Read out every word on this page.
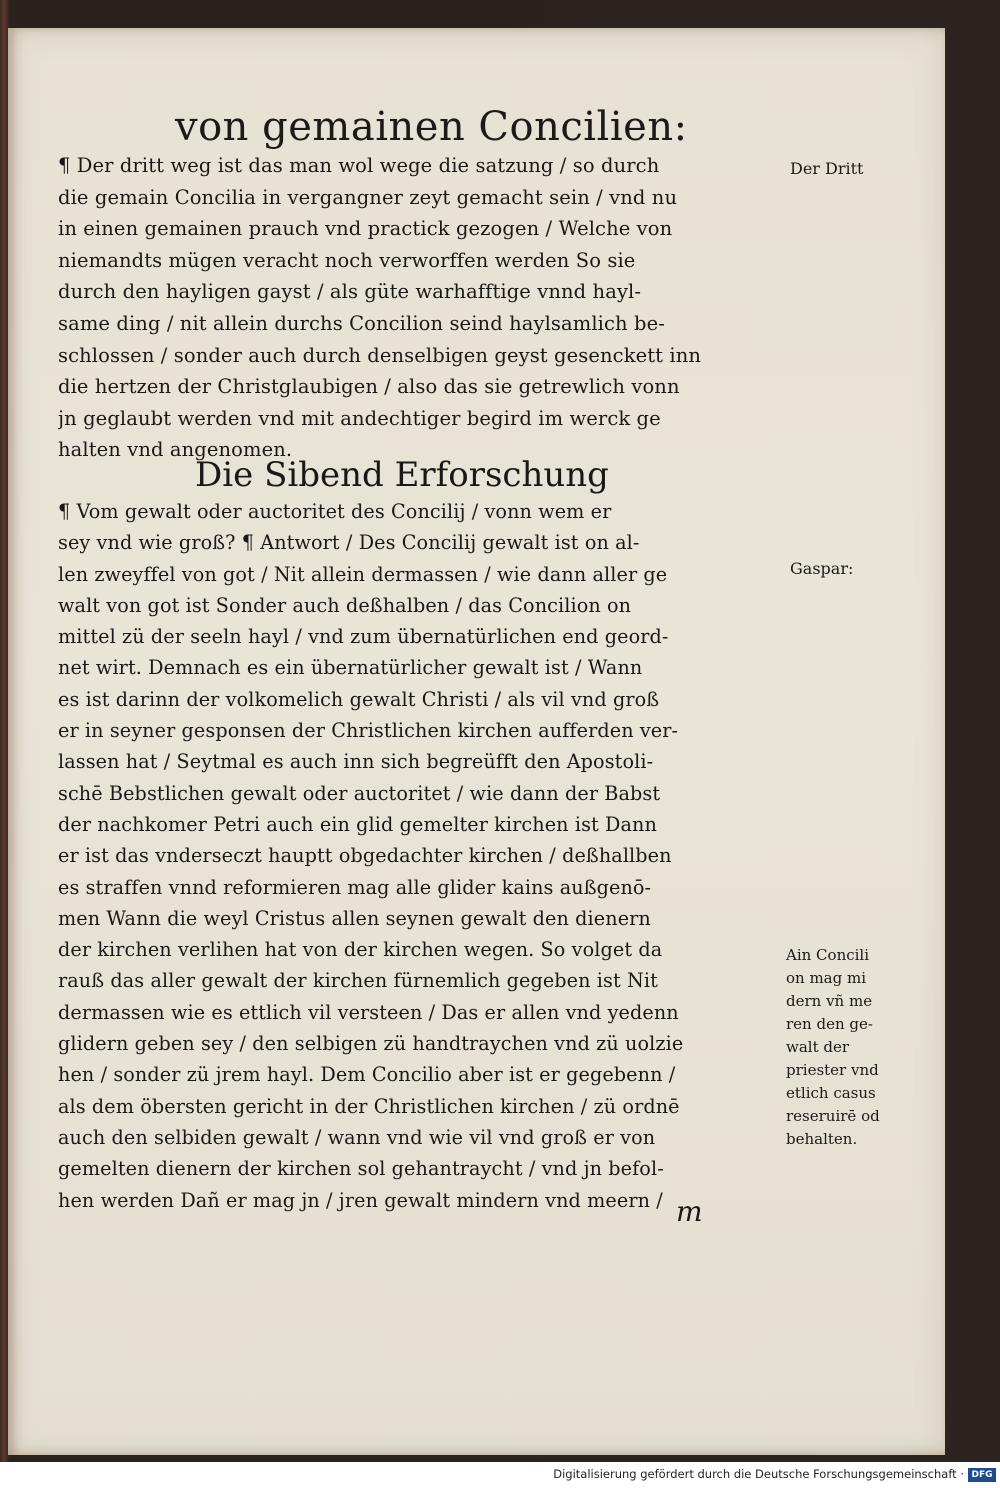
von gemainen Concilien:
¶ Der dritt weg ist das man wol wege die satzung / so durch
die gemain Concilia in vergangner zeyt gemacht sein / vnd nu
in einen gemainen prauch vnd practick gezogen / Welche von
niemandts mügen veracht noch verworffen werden So sie
durch den hayligen gayst / als güte warhafftige vnnd hayl-
same ding / nit allein durchs Concilion seind haylsamlich be-
schlossen / sonder auch durch denselbigen geyst gesenckett inn
die hertzen der Christglaubigen / also das sie getrewlich vonn
jn geglaubt werden vnd mit andechtiger begird im werck ge
halten vnd angenomen.
Die Sibend Erforschung
¶ Vom gewalt oder auctoritet des Concilij / vonn wem er
sey vnd wie groß? ¶ Antwort / Des Concilij gewalt ist on al-
len zweyffel von got / Nit allein dermassen / wie dann aller ge
walt von got ist Sonder auch deßhalben / das Concilion on
mittel zü der seeln hayl / vnd zum übernatürlichen end geord-
net wirt. Demnach es ein übernatürlicher gewalt ist / Wann
es ist darinn der volkomelich gewalt Christi / als vil vnd groß
er in seyner gesponsen der Christlichen kirchen aufferden ver-
lassen hat / Seytmal es auch inn sich begreüfft den Apostoli-
schē Bebstlichen gewalt oder auctoritet / wie dann der Babst
der nachkomer Petri auch ein glid gemelter kirchen ist Dann
er ist das vnderseczt hauptt obgedachter kirchen / deßhallben
es straffen vnnd reformieren mag alle glider kains außgenō-
men Wann die weyl Cristus allen seynen gewalt den dienern
der kirchen verlihen hat von der kirchen wegen. So volget da
rauß das aller gewalt der kirchen fürnemlich gegeben ist Nit
dermassen wie es ettlich vil versteen / Das er allen vnd yedenn
glidern geben sey / den selbigen zü handtraychen vnd zü uolzie
hen / sonder zü jrem hayl. Dem Concilio aber ist er gegebenn /
als dem öbersten gericht in der Christlichen kirchen / zü ordnē
auch den selbiden gewalt / wann vnd wie vil vnd groß er von
gemelten dienern der kirchen sol gehantraycht / vnd jn befol-
hen werden Dañ er mag jn / jren gewalt mindern vnd meern /
Der Dritt
Gaspar:
Ain Concili
on mag mi
dern vñ me
ren den ge-
walt der
priester vnd
etlich casus
reseruirē od
behalten.
m
Digitalisierung gefördert durch die Deutsche Forschungsgemeinschaft · DFG
